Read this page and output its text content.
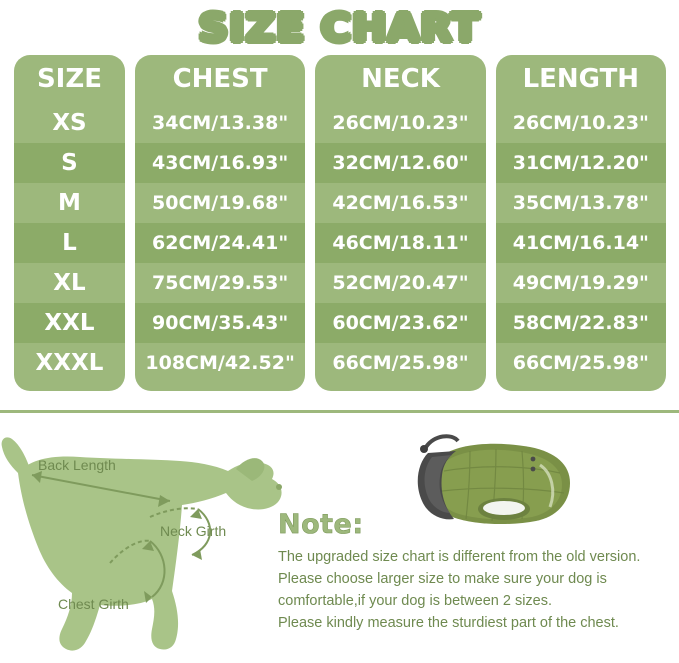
SIZE CHART
SIZE
XS
S
M
L
XL
XXL
XXXL
CHEST
34CM/13.38"
43CM/16.93"
50CM/19.68"
62CM/24.41"
75CM/29.53"
90CM/35.43"
108CM/42.52"
NECK
26CM/10.23"
32CM/12.60"
42CM/16.53"
46CM/18.11"
52CM/20.47"
60CM/23.62"
66CM/25.98"
LENGTH
26CM/10.23"
31CM/12.20"
35CM/13.78"
41CM/16.14"
49CM/19.29"
58CM/22.83"
66CM/25.98"
Back Length
Neck Girth
Chest Girth
Note:
The upgraded size chart is different from the old version.
Please choose larger size to make sure your dog is
comfortable,if your dog is between 2 sizes.
Please kindly measure the sturdiest part of the chest.
